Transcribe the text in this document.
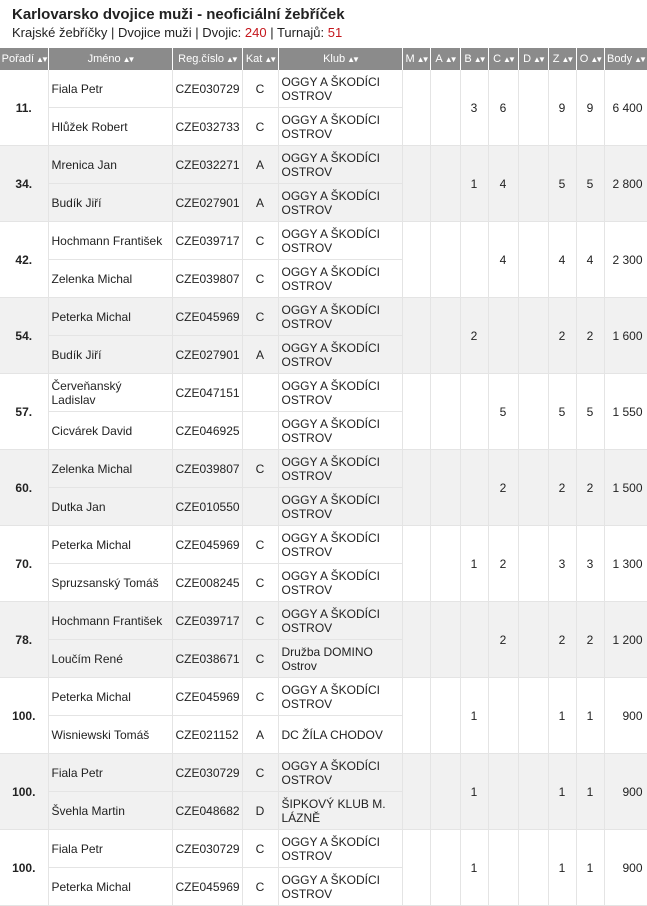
Karlovarsko dvojice muži - neoficiální žebříček
Krajské žebříčky | Dvojice muži | Dvojic: 240 | Turnajů: 51
Pořadí ▲▼	Jméno ▲▼	Reg.číslo ▲▼	Kat ▲▼	Klub ▲▼	M ▲▼	A ▲▼	B ▲▼	C ▲▼	D ▲▼	Z ▲▼	O ▲▼	Body ▲▼
11.	Fiala Petr	CZE030729	C	OGGY A ŠKODÍCI OSTROV			3	6		9	9	6 400
	Hlůžek Robert	CZE032733	C	OGGY A ŠKODÍCI OSTROV								
34.	Mrenica Jan	CZE032271	A	OGGY A ŠKODÍCI OSTROV			1	4		5	5	2 800
	Budík Jiří	CZE027901	A	OGGY A ŠKODÍCI OSTROV								
42.	Hochmann František	CZE039717	C	OGGY A ŠKODÍCI OSTROV				4		4	4	2 300
	Zelenka Michal	CZE039807	C	OGGY A ŠKODÍCI OSTROV								
54.	Peterka Michal	CZE045969	C	OGGY A ŠKODÍCI OSTROV			2			2	2	1 600
	Budík Jiří	CZE027901	A	OGGY A ŠKODÍCI OSTROV								
57.	Červeňanský Ladislav	CZE047151		OGGY A ŠKODÍCI OSTROV				5		5	5	1 550
	Cicvárek David	CZE046925		OGGY A ŠKODÍCI OSTROV								
60.	Zelenka Michal	CZE039807	C	OGGY A ŠKODÍCI OSTROV				2		2	2	1 500
	Dutka Jan	CZE010550		OGGY A ŠKODÍCI OSTROV								
70.	Peterka Michal	CZE045969	C	OGGY A ŠKODÍCI OSTROV			1	2		3	3	1 300
	Spruzsanský Tomáš	CZE008245	C	OGGY A ŠKODÍCI OSTROV								
78.	Hochmann František	CZE039717	C	OGGY A ŠKODÍCI OSTROV				2		2	2	1 200
	Loučím René	CZE038671	C	Družba DOMINO Ostrov								
100.	Peterka Michal	CZE045969	C	OGGY A ŠKODÍCI OSTROV			1			1	1	900
	Wisniewski Tomáš	CZE021152	A	DC ŽÍLA CHODOV								
100.	Fiala Petr	CZE030729	C	OGGY A ŠKODÍCI OSTROV			1			1	1	900
	Švehla Martin	CZE048682	D	ŠIPKOVÝ KLUB M. LÁZNĚ								
100.	Fiala Petr	CZE030729	C	OGGY A ŠKODÍCI OSTROV			1			1	1	900
	Peterka Michal	CZE045969	C	OGGY A ŠKODÍCI OSTROV								
